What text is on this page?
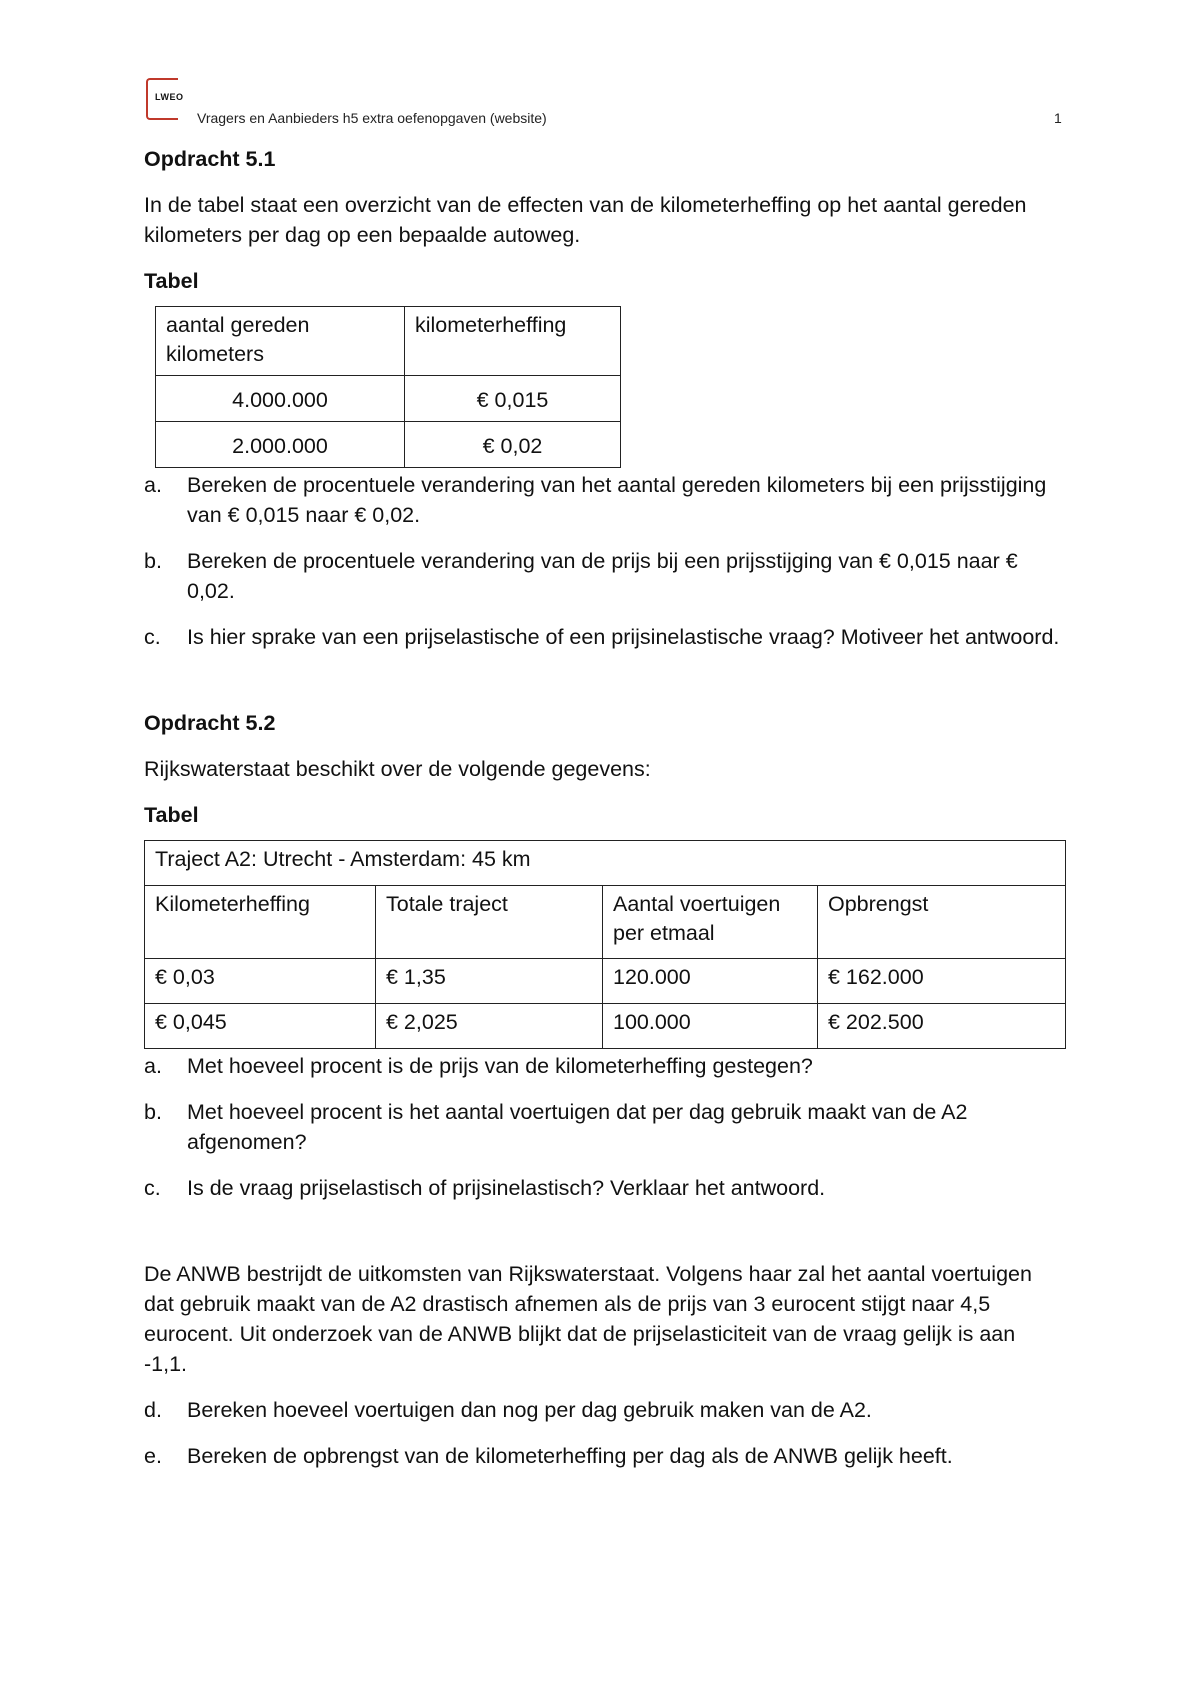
LWEO
Vragers en Aanbieders h5 extra oefenopgaven (website)	1
Opdracht 5.1

In de tabel staat een overzicht van de effecten van de kilometerheffing op het aantal gereden kilometers per dag op een bepaalde autoweg.

Tabel

aantal gereden kilometers	kilometerheffing
4.000.000	€ 0,015
2.000.000	€ 0,02
a. Bereken de procentuele verandering van het aantal gereden kilometers bij een prijsstijging van € 0,015 naar € 0,02.
b. Bereken de procentuele verandering van de prijs bij een prijsstijging van € 0,015 naar € 0,02.
c. Is hier sprake van een prijselastische of een prijsinelastische vraag? Motiveer het antwoord.
Opdracht 5.2

Rijkswaterstaat beschikt over de volgende gegevens:

Tabel

Traject A2: Utrecht - Amsterdam: 45 km			
Kilometerheffing	Totale traject	Aantal voertuigen per etmaal	Opbrengst
€ 0,03	€ 1,35	120.000	€ 162.000
€ 0,045	€ 2,025	100.000	€ 202.500
a. Met hoeveel procent is de prijs van de kilometerheffing gestegen?
b. Met hoeveel procent is het aantal voertuigen dat per dag gebruik maakt van de A2 afgenomen?
c. Is de vraag prijselastisch of prijsinelastisch? Verklaar het antwoord.

De ANWB bestrijdt de uitkomsten van Rijkswaterstaat. Volgens haar zal het aantal voertuigen dat gebruik maakt van de A2 drastisch afnemen als de prijs van 3 eurocent stijgt naar 4,5 eurocent. Uit onderzoek van de ANWB blijkt dat de prijselasticiteit van de vraag gelijk is aan -1,1.

d. Bereken hoeveel voertuigen dan nog per dag gebruik maken van de A2.
e. Bereken de opbrengst van de kilometerheffing per dag als de ANWB gelijk heeft.
